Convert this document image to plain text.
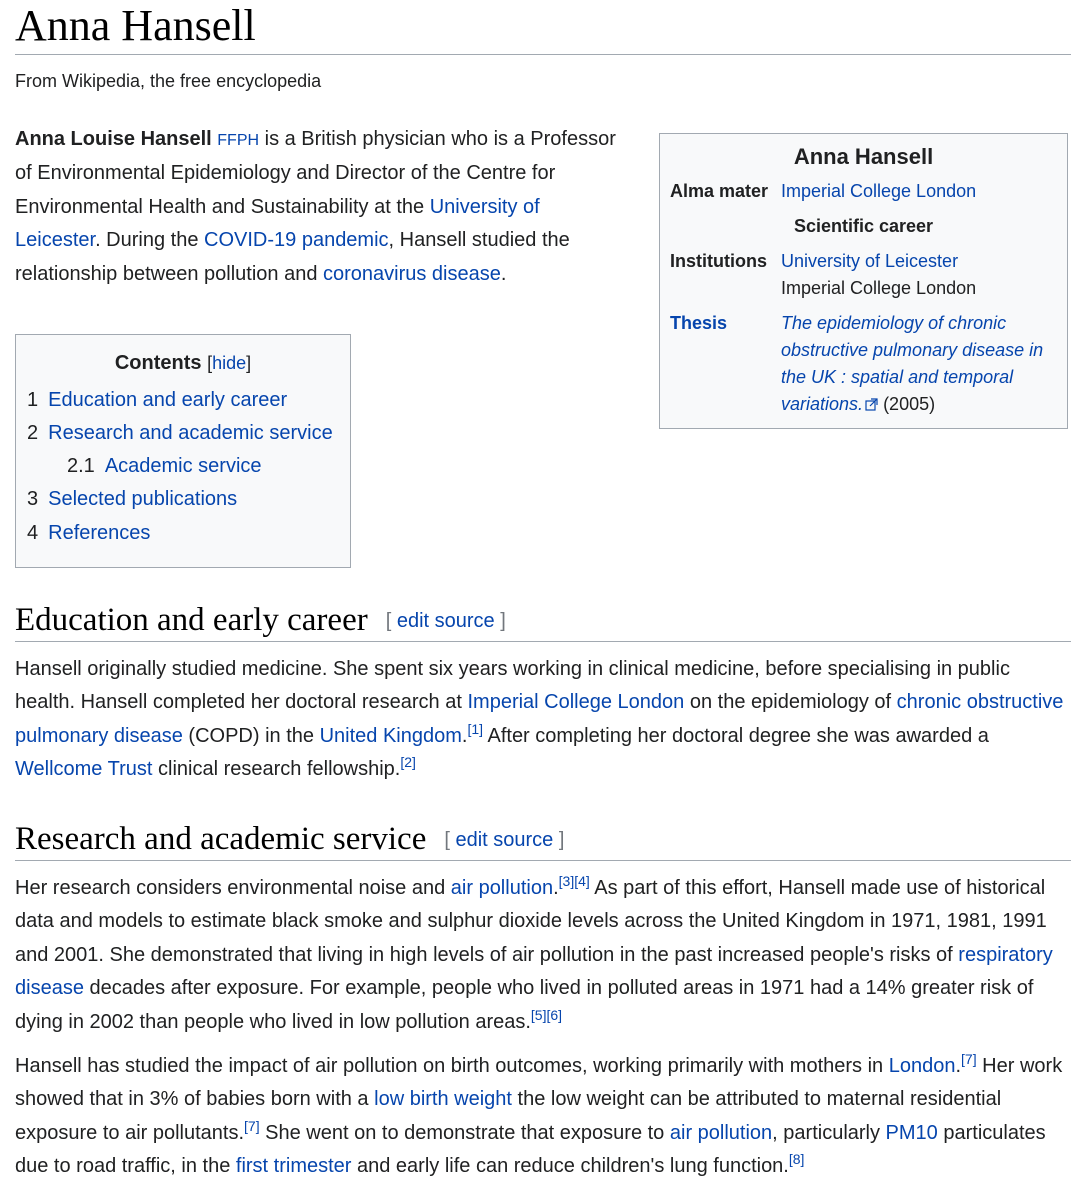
Anna Hansell
From Wikipedia, the free encyclopedia

Anna Louise Hansell FFPH is a British physician who is a Professor of Environmental Epidemiology and Director of the Centre for Environmental Health and Sustainability at the University of Leicester. During the COVID-19 pandemic, Hansell studied the relationship between pollution and coronavirus disease.

Anna Hansell
Alma mater Imperial College London
Scientific career
Institutions University of Leicester
Imperial College London
Thesis	The epidemiology of chronic
obstructive pulmonary disease in
the UK : spatial and temporal
variations. (2005)
Contents [hide]
1 Education and early career
2 Research and academic service
2.1 Academic service
3 Selected publications
4 References
Education and early career [ edit source ]

Hansell originally studied medicine. She spent six years working in clinical medicine, before specialising in public health. Hansell completed her doctoral research at Imperial College London on the epidemiology of chronic obstructive pulmonary disease (COPD) in the United Kingdom.[1] After completing her doctoral degree she was awarded a Wellcome Trust clinical research fellowship.[2]

Research and academic service [ edit source ]

Her research considers environmental noise and air pollution.[3][4] As part of this effort, Hansell made use of historical data and models to estimate black smoke and sulphur dioxide levels across the United Kingdom in 1971, 1981, 1991 and 2001. She demonstrated that living in high levels of air pollution in the past increased people's risks of respiratory disease decades after exposure. For example, people who lived in polluted areas in 1971 had a 14% greater risk of dying in 2002 than people who lived in low pollution areas.[5][6]

Hansell has studied the impact of air pollution on birth outcomes, working primarily with mothers in London.[7] Her work showed that in 3% of babies born with a low birth weight the low weight can be attributed to maternal residential exposure to air pollutants.[7] She went on to demonstrate that exposure to air pollution, particularly PM10 particulates due to road traffic, in the first trimester and early life can reduce children's lung function.[8]
